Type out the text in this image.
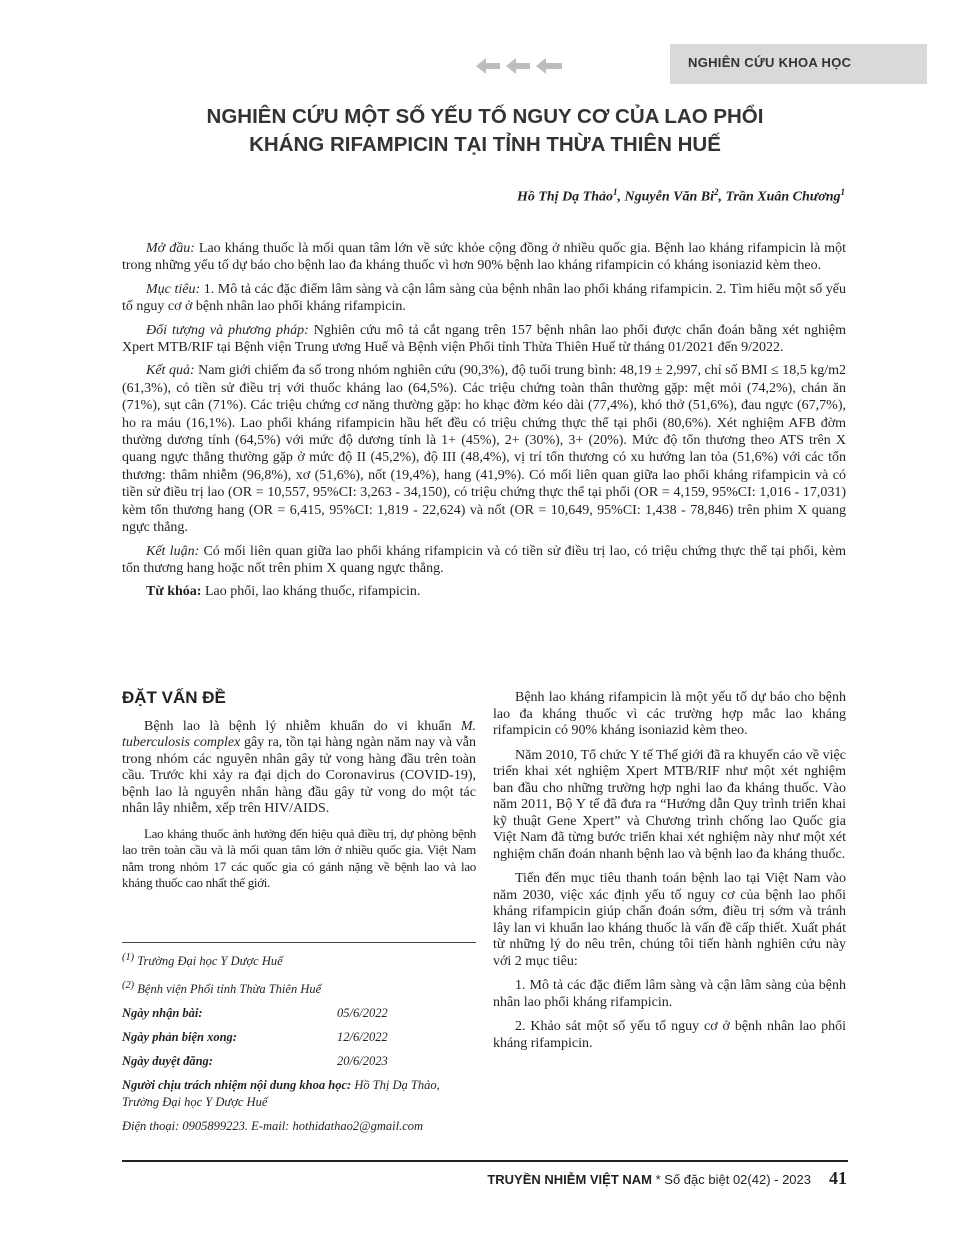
NGHIÊN CỨU KHOA HỌC
NGHIÊN CỨU MỘT SỐ YẾU TỐ NGUY CƠ CỦA LAO PHỔI
KHÁNG RIFAMPICIN TẠI TỈNH THỪA THIÊN HUẾ
Hồ Thị Dạ Thảo$^1$, Nguyễn Văn Bi$^2$, Trần Xuân Chương$^1$

Mở đầu: Lao kháng thuốc là mối quan tâm lớn về sức khỏe cộng đồng ở nhiều quốc gia. Bệnh lao kháng rifampicin là một trong những yếu tố dự báo cho bệnh lao đa kháng thuốc vì hơn 90% bệnh lao kháng rifampicin có kháng isoniazid kèm theo.

Mục tiêu: 1. Mô tả các đặc điểm lâm sàng và cận lâm sàng của bệnh nhân lao phổi kháng rifampicin. 2. Tìm hiểu một số yếu tố nguy cơ ở bệnh nhân lao phổi kháng rifampicin.

Đối tượng và phương pháp: Nghiên cứu mô tả cắt ngang trên 157 bệnh nhân lao phổi được chẩn đoán bằng xét nghiệm Xpert MTB/RIF tại Bệnh viện Trung ương Huế và Bệnh viện Phổi tỉnh Thừa Thiên Huế từ tháng 01/2021 đến 9/2022.

Kết quả: Nam giới chiếm đa số trong nhóm nghiên cứu (90,3%), độ tuổi trung bình: 48,19 ± 2,997, chỉ số BMI ≤ 18,5 kg/m2 (61,3%), có tiền sử điều trị với thuốc kháng lao (64,5%). Các triệu chứng toàn thân thường gặp: mệt mỏi (74,2%), chán ăn (71%), sụt cân (71%). Các triệu chứng cơ năng thường gặp: ho khạc đờm kéo dài (77,4%), khó thở (51,6%), đau ngực (67,7%), ho ra máu (16,1%). Lao phổi kháng rifampicin hầu hết đều có triệu chứng thực thể tại phổi (80,6%). Xét nghiệm AFB đờm thường dương tính (64,5%) với mức độ dương tính là 1+ (45%), 2+ (30%), 3+ (20%). Mức độ tổn thương theo ATS trên X quang ngực thẳng thường gặp ở mức độ II (45,2%), độ III (48,4%), vị trí tổn thương có xu hướng lan tỏa (51,6%) với các tổn thương: thâm nhiễm (96,8%), xơ (51,6%), nốt (19,4%), hang (41,9%). Có mối liên quan giữa lao phổi kháng rifampicin và có tiền sử điều trị lao (OR = 10,557, 95%CI: 3,263 - 34,150), có triệu chứng thực thể tại phổi (OR = 4,159, 95%CI: 1,016 - 17,031) kèm tổn thương hang (OR = 6,415, 95%CI: 1,819 - 22,624) và nốt (OR = 10,649, 95%CI: 1,438 - 78,846) trên phim X quang ngực thẳng.

Kết luận: Có mối liên quan giữa lao phổi kháng rifampicin và có tiền sử điều trị lao, có triệu chứng thực thể tại phổi, kèm tổn thương hang hoặc nốt trên phim X quang ngực thẳng.

Từ khóa: Lao phổi, lao kháng thuốc, rifampicin.

ĐẶT VẤN ĐỀ

Bệnh lao là bệnh lý nhiễm khuẩn do vi khuẩn M. tuberculosis complex gây ra, tồn tại hàng ngàn năm nay và vẫn trong nhóm các nguyên nhân gây tử vong hàng đầu trên toàn cầu. Trước khi xảy ra đại dịch do Coronavirus (COVID-19), bệnh lao là nguyên nhân hàng đầu gây tử vong do một tác nhân lây nhiễm, xếp trên HIV/AIDS.

Lao kháng thuốc ảnh hưởng đến hiệu quả điều trị, dự phòng bệnh lao trên toàn cầu và là mối quan tâm lớn ở nhiều quốc gia. Việt Nam nằm trong nhóm 17 các quốc gia có gánh nặng về bệnh lao và lao kháng thuốc cao nhất thế giới.

$^{(1)}$ Trường Đại học Y Dược Huế
$^{(2)}$ Bệnh viện Phổi tỉnh Thừa Thiên Huế
Ngày nhận bài:	05/6/2022
Ngày phản biện xong:	12/6/2022
Ngày duyệt đăng:	20/6/2023
Người chịu trách nhiệm nội dung khoa học: Hồ Thị Dạ Thảo, Trường Đại học Y Dược Huế
Điện thoại: 0905899223. E-mail: hothidathao2@gmail.com

Bệnh lao kháng rifampicin là một yếu tố dự báo cho bệnh lao đa kháng thuốc vì các trường hợp mắc lao kháng rifampicin có 90% kháng isoniazid kèm theo.

Năm 2010, Tổ chức Y tế Thế giới đã ra khuyến cáo về việc triển khai xét nghiệm Xpert MTB/RIF như một xét nghiệm ban đầu cho những trường hợp nghi lao đa kháng thuốc. Vào năm 2011, Bộ Y tế đã đưa ra “Hướng dẫn Quy trình triển khai kỹ thuật Gene Xpert” và Chương trình chống lao Quốc gia Việt Nam đã từng bước triển khai xét nghiệm này như một xét nghiệm chẩn đoán nhanh bệnh lao và bệnh lao đa kháng thuốc.

Tiến đến mục tiêu thanh toán bệnh lao tại Việt Nam vào năm 2030, việc xác định yếu tố nguy cơ của bệnh lao phổi kháng rifampicin giúp chẩn đoán sớm, điều trị sớm và tránh lây lan vi khuẩn lao kháng thuốc là vấn đề cấp thiết. Xuất phát từ những lý do nêu trên, chúng tôi tiến hành nghiên cứu này với 2 mục tiêu:

1. Mô tả các đặc điểm lâm sàng và cận lâm sàng của bệnh nhân lao phổi kháng rifampicin.

2. Khảo sát một số yếu tố nguy cơ ở bệnh nhân lao phổi kháng rifampicin.

TRUYỀN NHIỄM VIỆT NAM * Số đặc biệt 02(42) - 2023 41
